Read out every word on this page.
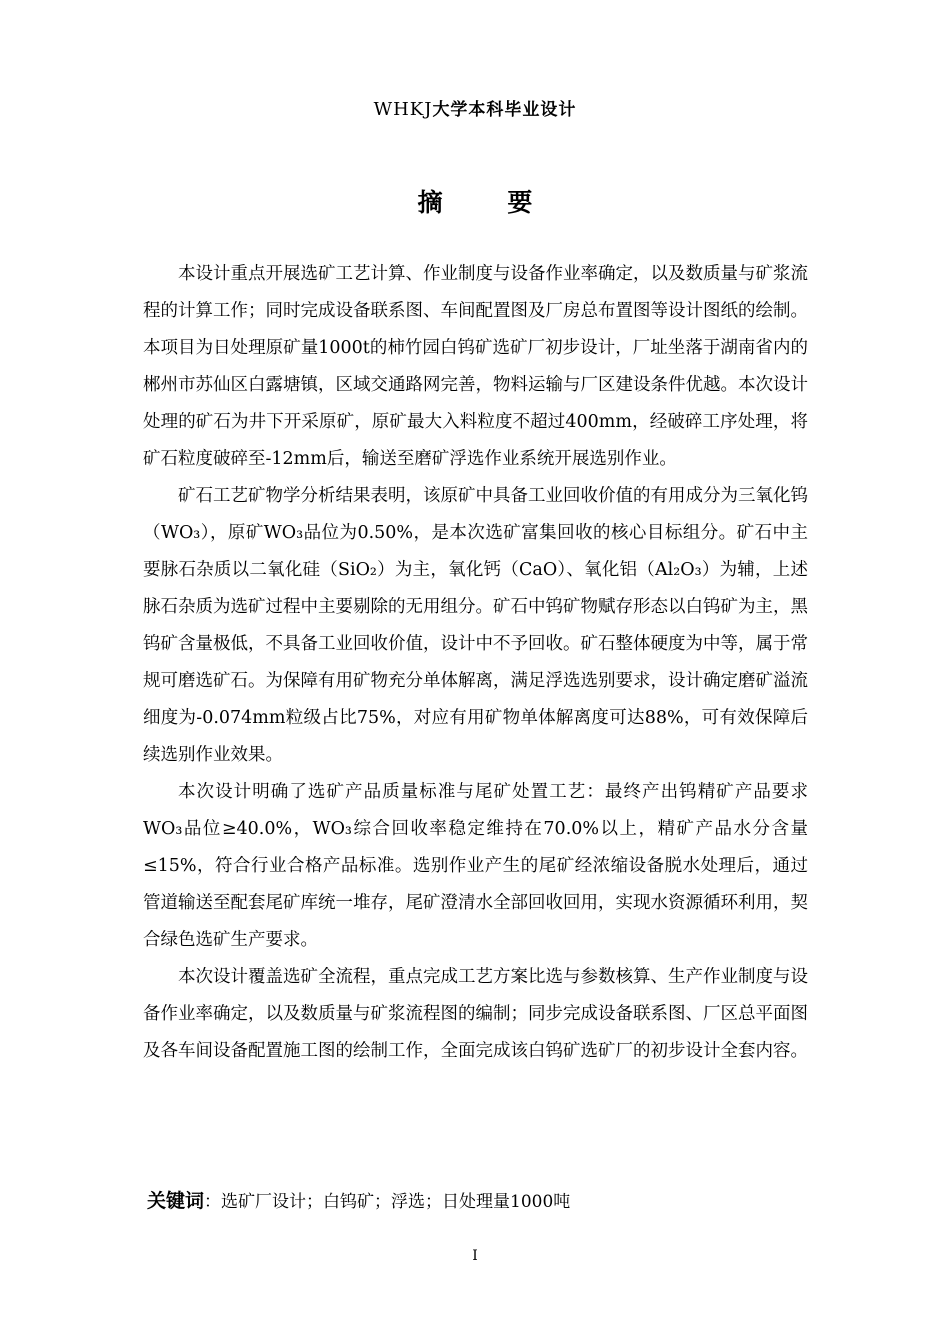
WHKJ大学本科毕业设计
摘 要

本设计重点开展选矿工艺计算、作业制度与设备作业率确定，以及数质量与矿浆流程的计算工作；同时完成设备联系图、车间配置图及厂房总布置图等设计图纸的绘制。本项目为日处理原矿量1000t的柿竹园白钨矿选矿厂初步设计，厂址坐落于湖南省内的郴州市苏仙区白露塘镇，区域交通路网完善，物料运输与厂区建设条件优越。本次设计处理的矿石为井下开采原矿，原矿最大入料粒度不超过400mm，经破碎工序处理，将矿石粒度破碎至-12mm后，输送至磨矿浮选作业系统开展选别作业。

矿石工艺矿物学分析结果表明，该原矿中具备工业回收价值的有用成分为三氧化钨（WO₃），原矿WO₃品位为0.50%，是本次选矿富集回收的核心目标组分。矿石中主要脉石杂质以二氧化硅（SiO₂）为主，氧化钙（CaO）、氧化铝（Al₂O₃）为辅，上述脉石杂质为选矿过程中主要剔除的无用组分。矿石中钨矿物赋存形态以白钨矿为主，黑钨矿含量极低，不具备工业回收价值，设计中不予回收。矿石整体硬度为中等，属于常规可磨选矿石。为保障有用矿物充分单体解离，满足浮选选别要求，设计确定磨矿溢流细度为-0.074mm粒级占比75%，对应有用矿物单体解离度可达88%，可有效保障后续选别作业效果。

本次设计明确了选矿产品质量标准与尾矿处置工艺：最终产出钨精矿产品要求WO₃品位≥40.0%，WO₃综合回收率稳定维持在70.0%以上，精矿产品水分含量≤15%，符合行业合格产品标准。选别作业产生的尾矿经浓缩设备脱水处理后，通过管道输送至配套尾矿库统一堆存，尾矿澄清水全部回收回用，实现水资源循环利用，契合绿色选矿生产要求。

本次设计覆盖选矿全流程，重点完成工艺方案比选与参数核算、生产作业制度与设备作业率确定，以及数质量与矿浆流程图的编制；同步完成设备联系图、厂区总平面图及各车间设备配置施工图的绘制工作，全面完成该白钨矿选矿厂的初步设计全套内容。

关键词：选矿厂设计；白钨矿；浮选；日处理量1000吨
I
